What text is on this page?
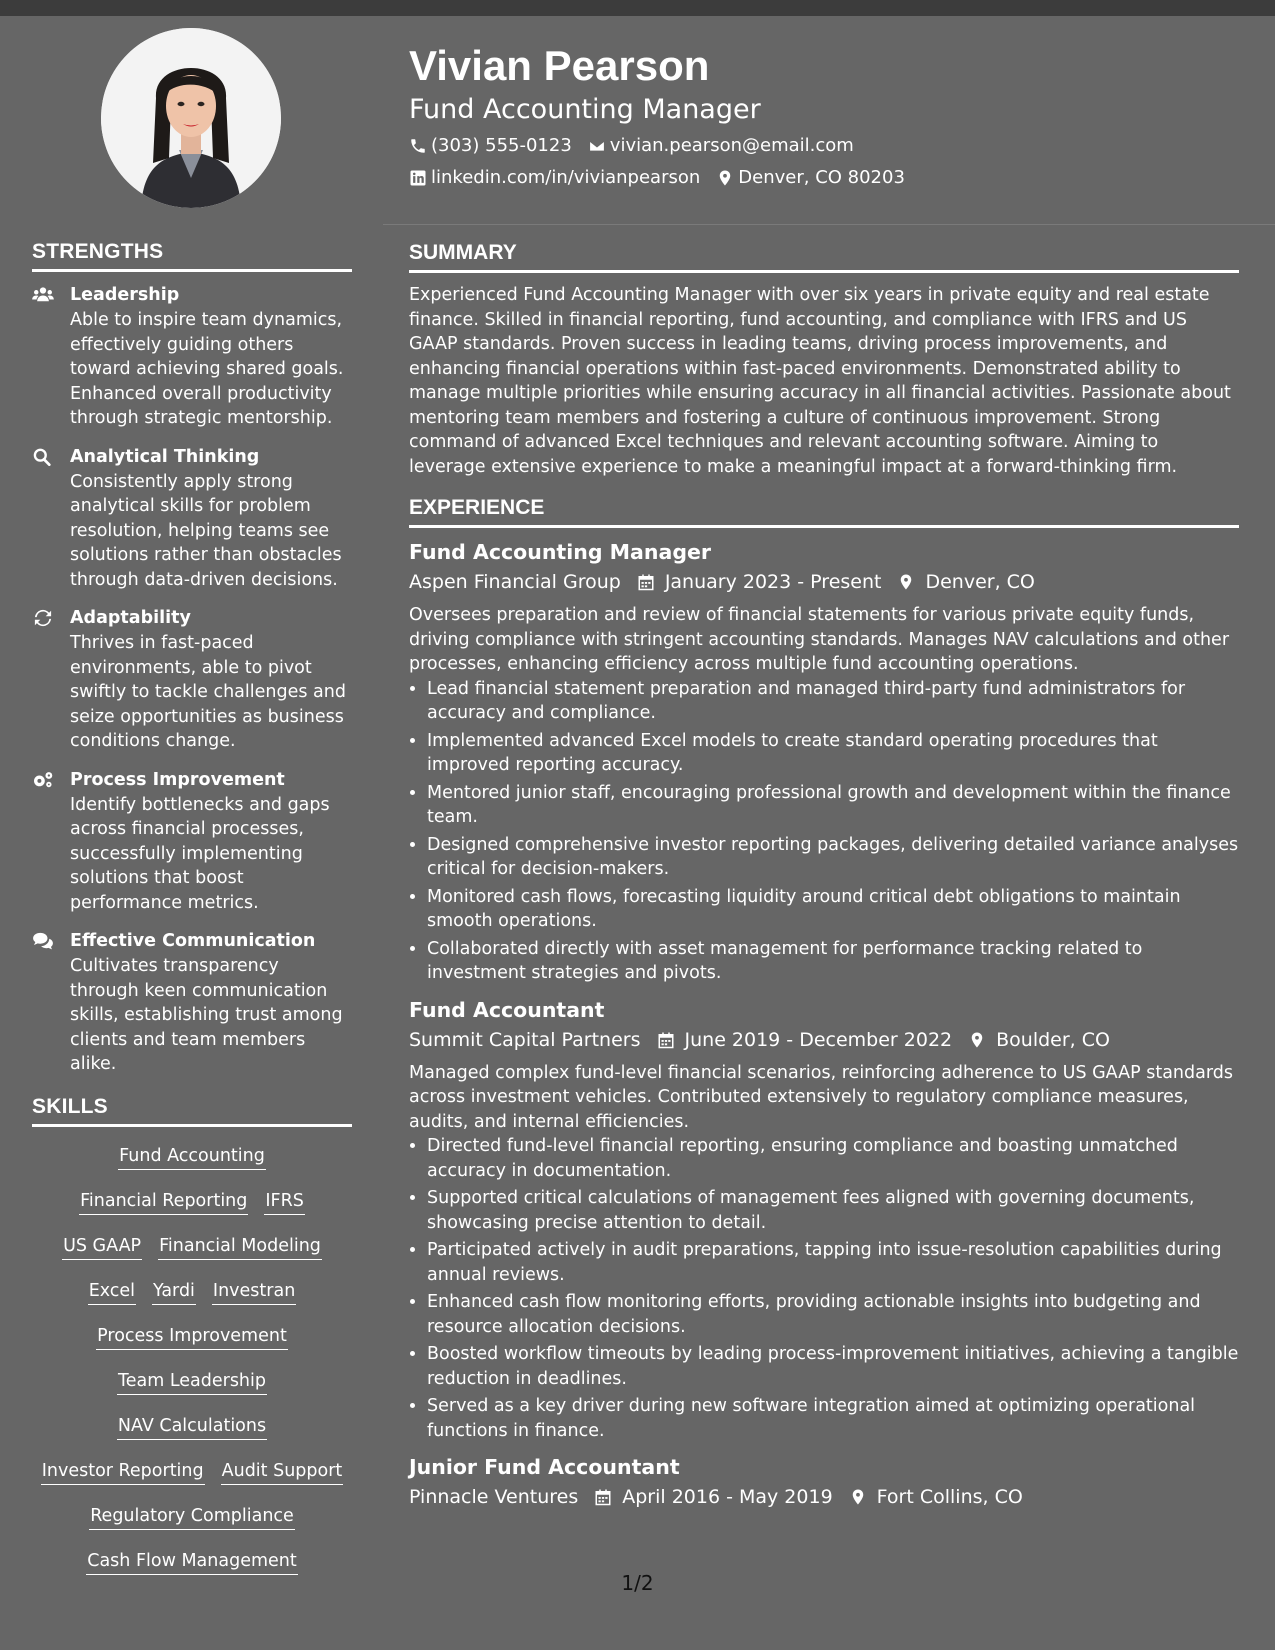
Vivian Pearson
Fund Accounting Manager
(303) 555-0123 vivian.pearson@email.com
linkedin.com/in/vivianpearson Denver, CO 80203
STRENGTHS
Leadership
Able to inspire team dynamics, effectively guiding others toward achieving shared goals. Enhanced overall productivity through strategic mentorship.
Analytical Thinking
Consistently apply strong analytical skills for problem resolution, helping teams see solutions rather than obstacles through data-driven decisions.
Adaptability
Thrives in fast-paced environments, able to pivot swiftly to tackle challenges and seize opportunities as business conditions change.
Process Improvement
Identify bottlenecks and gaps across financial processes, successfully implementing solutions that boost performance metrics.
Effective Communication
Cultivates transparency through keen communication skills, establishing trust among clients and team members alike.
SKILLS
Fund Accounting
Financial Reporting IFRS
US GAAP Financial Modeling
Excel Yardi Investran
Process Improvement
Team Leadership
NAV Calculations
Investor Reporting Audit Support
Regulatory Compliance
Cash Flow Management
SUMMARY
Experienced Fund Accounting Manager with over six years in private equity and real estate finance. Skilled in financial reporting, fund accounting, and compliance with IFRS and US GAAP standards. Proven success in leading teams, driving process improvements, and enhancing financial operations within fast-paced environments. Demonstrated ability to manage multiple priorities while ensuring accuracy in all financial activities. Passionate about mentoring team members and fostering a culture of continuous improvement. Strong command of advanced Excel techniques and relevant accounting software. Aiming to leverage extensive experience to make a meaningful impact at a forward-thinking firm.
EXPERIENCE
Fund Accounting Manager
Aspen Financial Group January 2023 - Present Denver, CO
Oversees preparation and review of financial statements for various private equity funds, driving compliance with stringent accounting standards. Manages NAV calculations and other processes, enhancing efficiency across multiple fund accounting operations.
• Lead financial statement preparation and managed third-party fund administrators for accuracy and compliance.
• Implemented advanced Excel models to create standard operating procedures that improved reporting accuracy.
• Mentored junior staff, encouraging professional growth and development within the finance team.
• Designed comprehensive investor reporting packages, delivering detailed variance analyses critical for decision-makers.
• Monitored cash flows, forecasting liquidity around critical debt obligations to maintain smooth operations.
• Collaborated directly with asset management for performance tracking related to investment strategies and pivots.
Fund Accountant
Summit Capital Partners June 2019 - December 2022 Boulder, CO
Managed complex fund-level financial scenarios, reinforcing adherence to US GAAP standards across investment vehicles. Contributed extensively to regulatory compliance measures, audits, and internal efficiencies.
• Directed fund-level financial reporting, ensuring compliance and boasting unmatched accuracy in documentation.
• Supported critical calculations of management fees aligned with governing documents, showcasing precise attention to detail.
• Participated actively in audit preparations, tapping into issue-resolution capabilities during annual reviews.
• Enhanced cash flow monitoring efforts, providing actionable insights into budgeting and resource allocation decisions.
• Boosted workflow timeouts by leading process-improvement initiatives, achieving a tangible reduction in deadlines.
• Served as a key driver during new software integration aimed at optimizing operational functions in finance.
Junior Fund Accountant
Pinnacle Ventures April 2016 - May 2019 Fort Collins, CO
1/2
